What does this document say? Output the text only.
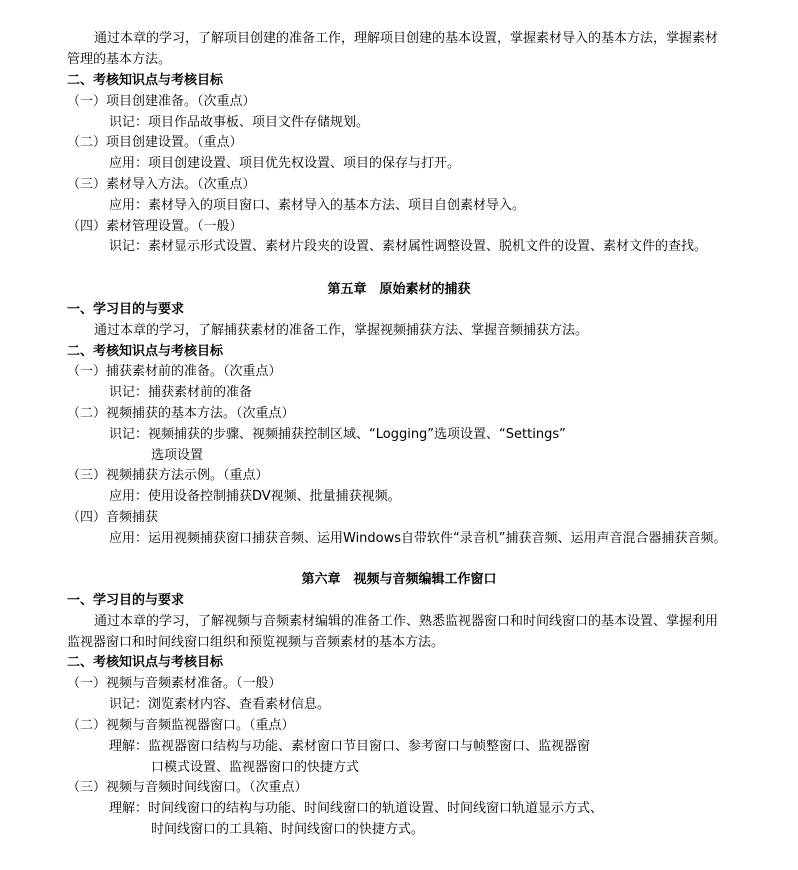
通过本章的学习，了解项目创建的准备工作，理解项目创建的基本设置，掌握素材导入的基本方法，掌握素材
管理的基本方法。
二、考核知识点与考核目标
（一）项目创建准备。（次重点）
识记：项目作品故事板、项目文件存储规划。
（二）项目创建设置。（重点）
应用：项目创建设置、项目优先权设置、项目的保存与打开。
（三）素材导入方法。（次重点）
应用：素材导入的项目窗口、素材导入的基本方法、项目自创素材导入。
（四）素材管理设置。（一般）
识记：素材显示形式设置、素材片段夹的设置、素材属性调整设置、脱机文件的设置、素材文件的查找。
第五章　原始素材的捕获
一、学习目的与要求
通过本章的学习，了解捕获素材的准备工作，掌握视频捕获方法、掌握音频捕获方法。
二、考核知识点与考核目标
（一）捕获素材前的准备。（次重点）
识记：捕获素材前的准备
（二）视频捕获的基本方法。（次重点）
识记：视频捕获的步骤、视频捕获控制区域、“Logging”选项设置、“Settings”
选项设置
（三）视频捕获方法示例。（重点）
应用：使用设备控制捕获DV视频、批量捕获视频。
（四）音频捕获
应用：运用视频捕获窗口捕获音频、运用Windows自带软件“录音机”捕获音频、运用声音混合器捕获音频。
第六章　视频与音频编辑工作窗口
一、学习目的与要求
通过本章的学习，了解视频与音频素材编辑的准备工作、熟悉监视器窗口和时间线窗口的基本设置、掌握利用
监视器窗口和时间线窗口组织和预览视频与音频素材的基本方法。
二、考核知识点与考核目标
（一）视频与音频素材准备。（一般）
识记：浏览素材内容、查看素材信息。
（二）视频与音频监视器窗口。（重点）
理解：监视器窗口结构与功能、素材窗口节目窗口、参考窗口与帧整窗口、监视器窗
口模式设置、监视器窗口的快捷方式
（三）视频与音频时间线窗口。（次重点）
理解：时间线窗口的结构与功能、时间线窗口的轨道设置、时间线窗口轨道显示方式、
时间线窗口的工具箱、时间线窗口的快捷方式。
